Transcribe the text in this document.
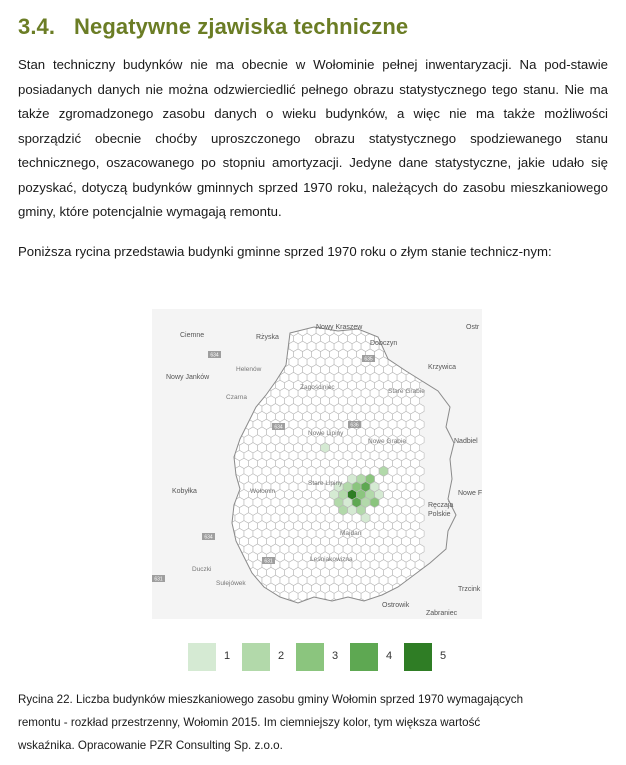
3.4. Negatywne zjawiska techniczne

Stan techniczny budynków nie ma obecnie w Wołominie pełnej inwentaryzacji. Na pod-stawie posiadanych danych nie można odzwierciedlić pełnego obrazu statystycznego tego stanu. Nie ma także zgromadzonego zasobu danych o wieku budynków, a więc nie ma także możliwości sporządzić obecnie choćby uproszczonego obrazu statystycznego spodziewanego stanu technicznego, oszacowanego po stopniu amortyzacji. Jedyne dane statystyczne, jakie udało się pozyskać, dotyczą budynków gminnych sprzed 1970 roku, należących do zasobu mieszkaniowego gminy, które potencjalnie wymagają remontu.

Poniższa rycina przedstawia budynki gminne sprzed 1970 roku o złym stanie technicz-nym:

634
635
634	636
634
631
631
Ciemne	Rżyska
Nowy Kraszew	Ostr
Dobczyn
Nowy Janków
Krzywica
Nadbiel
Kobyłka	Nowe F
Ręczaja Polskie
Trzcink
Ostrowik
Zabraniec
Helenów
Zagościniec
Stare Grabie
Czarna
Nowe Lipiny
Nowe Grabie
Wołomin
Stare Lipiny
Majdan
Leśniakowizna
Duczki
Sulejówek
1	2	3	4	5

Rycina 22. Liczba budynków mieszkaniowego zasobu gminy Wołomin sprzed 1970 wymagających
remontu - rozkład przestrzenny, Wołomin 2015. Im ciemniejszy kolor, tym większa wartość
wskaźnika. Opracowanie PZR Consulting Sp. z.o.o.
